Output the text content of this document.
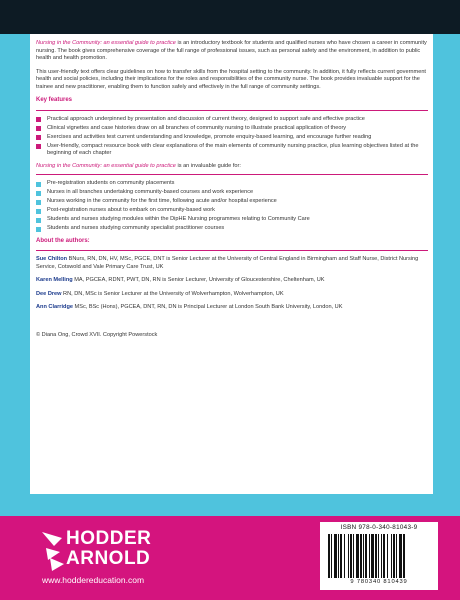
Nursing in the Community: an essential guide to practice is an introductory textbook for students and qualified nurses who have chosen a career in community nursing. The book gives comprehensive coverage of the full range of professional issues, such as personal safety and the environment, in addition to public health and health promotion.

This user-friendly text offers clear guidelines on how to transfer skills from the hospital setting to the community. In addition, it fully reflects current government health and social policies, including their implications for the roles and responsibilities of the community nurse. The book provides invaluable support for the trainee and new practitioner, enabling them to function safely and effectively in the full range of community settings.

Key features
Practical approach underpinned by presentation and discussion of current theory, designed to support safe and effective practice
Clinical vignettes and case histories draw on all branches of community nursing to illustrate practical application of theory
Exercises and activities test current understanding and knowledge, promote enquiry-based learning, and encourage further reading
User-friendly, compact resource book with clear explanations of the main elements of community nursing practice, plus learning objectives listed at the beginning of each chapter

Nursing in the Community: an essential guide to practice is an invaluable guide for:

Pre-registration students on community placements
Nurses in all branches undertaking community-based courses and work experience
Nurses working in the community for the first time, following acute and/or hospital experience
Post-registration nurses about to embark on community-based work
Students and nurses studying modules within the DipHE Nursing programmes relating to Community Care
Students and nurses studying community specialist practitioner courses
About the authors:

Sue Chilton BNurs, RN, DN, HV, MSc, PGCE, DNT is Senior Lecturer at the University of Central England in Birmingham and Staff Nurse, District Nursing Service, Cotswold and Vale Primary Care Trust, UK

Karen Melling MA, PGCEA, RDNT, PWT, DN, RN is Senior Lecturer, University of Gloucestershire, Cheltenham, UK

Dee Drew RN, DN, MSc is Senior Lecturer at the University of Wolverhampton, Wolverhampton, UK

Ann Clarridge MSc, BSc (Hons), PGCEA, DNT, RN, DN is Principal Lecturer at London South Bank University, London, UK

© Diana Ong, Crowd XVII. Copyright Powerstock

HODDER
ARNOLD
www.hoddereducation.com
ISBN 978-0-340-81043-9
9 780340 810439
